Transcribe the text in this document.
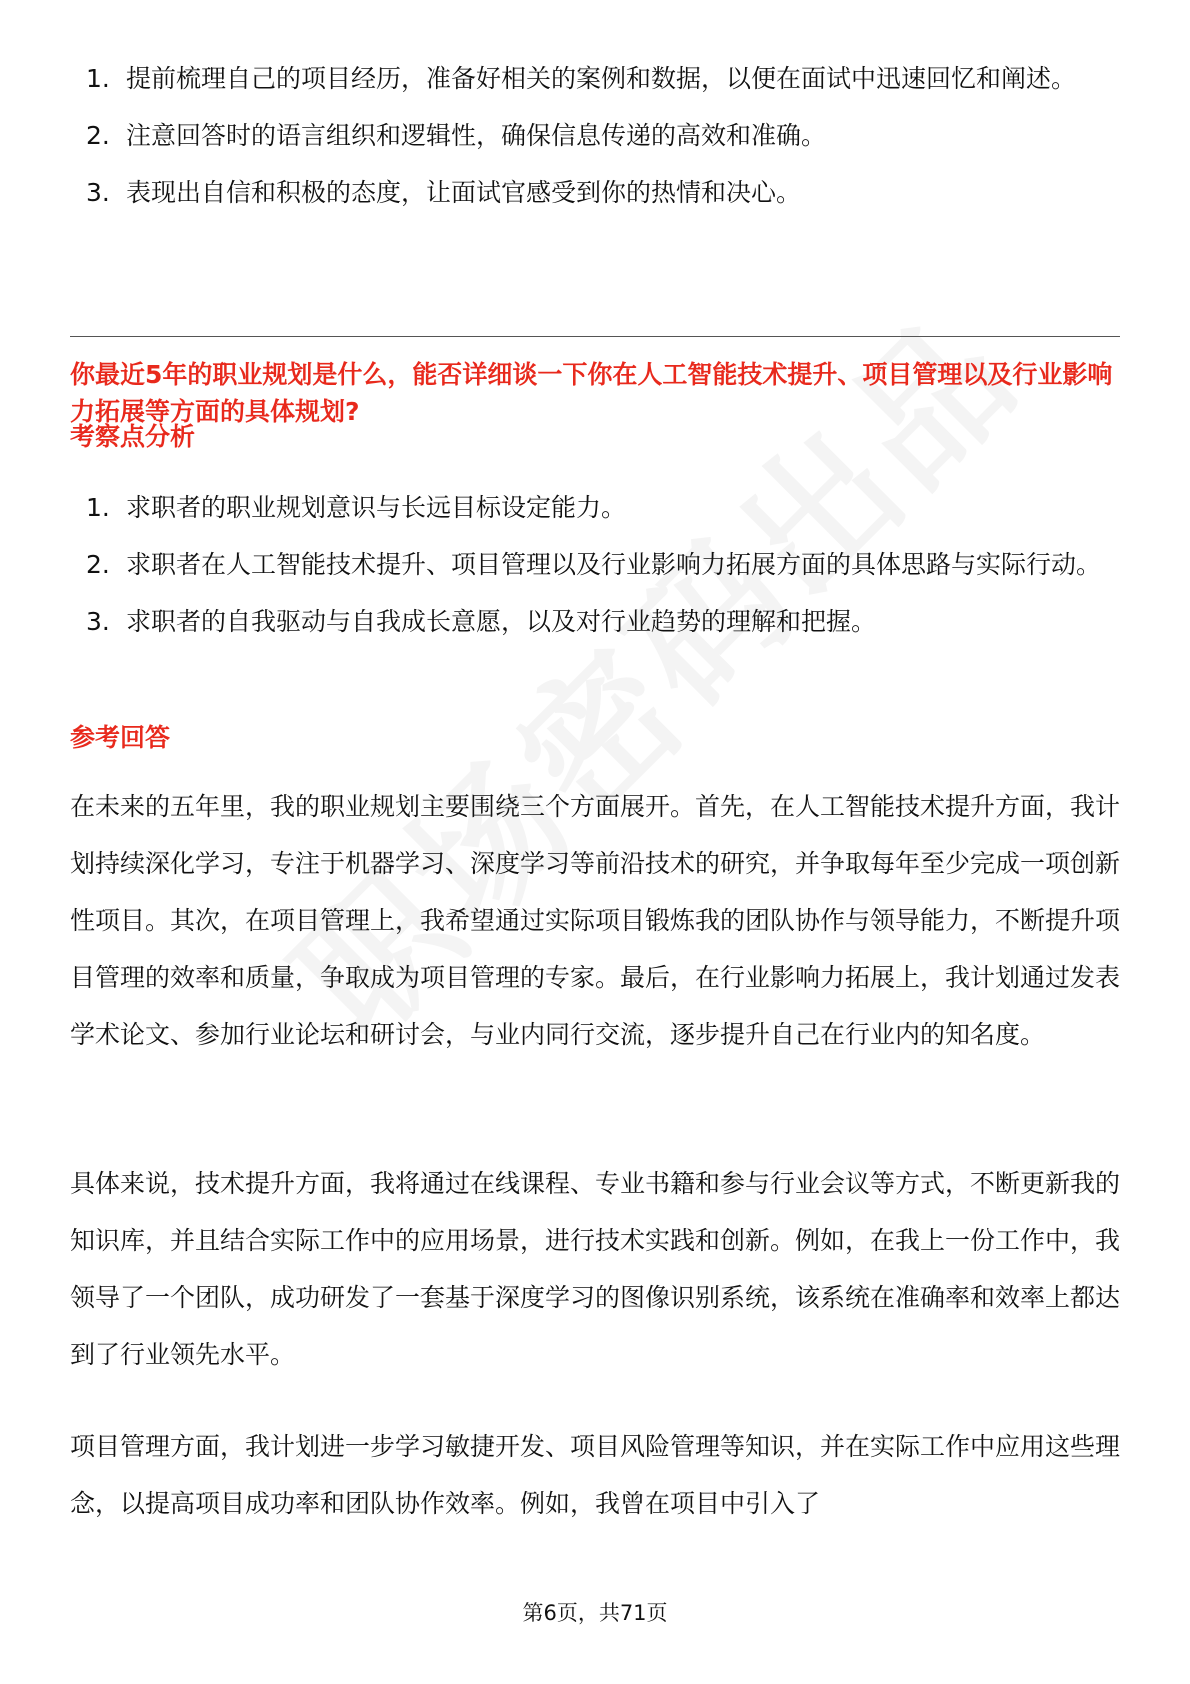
1. 提前梳理自己的项目经历，准备好相关的案例和数据，以便在面试中迅速回忆和阐述。
2. 注意回答时的语言组织和逻辑性，确保信息传递的高效和准确。
3. 表现出自信和积极的态度，让面试官感受到你的热情和决心。
你最近5年的职业规划是什么，能否详细谈一下你在人工智能技术提升、项目管理以及行业影响力拓展等方面的具体规划?
考察点分析
1. 求职者的职业规划意识与长远目标设定能力。
2. 求职者在人工智能技术提升、项目管理以及行业影响力拓展方面的具体思路与实际行动。
3. 求职者的自我驱动与自我成长意愿，以及对行业趋势的理解和把握。
参考回答

在未来的五年里，我的职业规划主要围绕三个方面展开。首先，在人工智能技术提升方面，我计划持续深化学习，专注于机器学习、深度学习等前沿技术的研究，并争取每年至少完成一项创新性项目。其次，在项目管理上，我希望通过实际项目锻炼我的团队协作与领导能力，不断提升项目管理的效率和质量，争取成为项目管理的专家。最后，在行业影响力拓展上，我计划通过发表学术论文、参加行业论坛和研讨会，与业内同行交流，逐步提升自己在行业内的知名度。

具体来说，技术提升方面，我将通过在线课程、专业书籍和参与行业会议等方式，不断更新我的知识库，并且结合实际工作中的应用场景，进行技术实践和创新。例如，在我上一份工作中，我领导了一个团队，成功研发了一套基于深度学习的图像识别系统，该系统在准确率和效率上都达到了行业领先水平。

项目管理方面，我计划进一步学习敏捷开发、项目风险管理等知识，并在实际工作中应用这些理念，以提高项目成功率和团队协作效率。例如，我曾在项目中引入了

第6页，共71页
